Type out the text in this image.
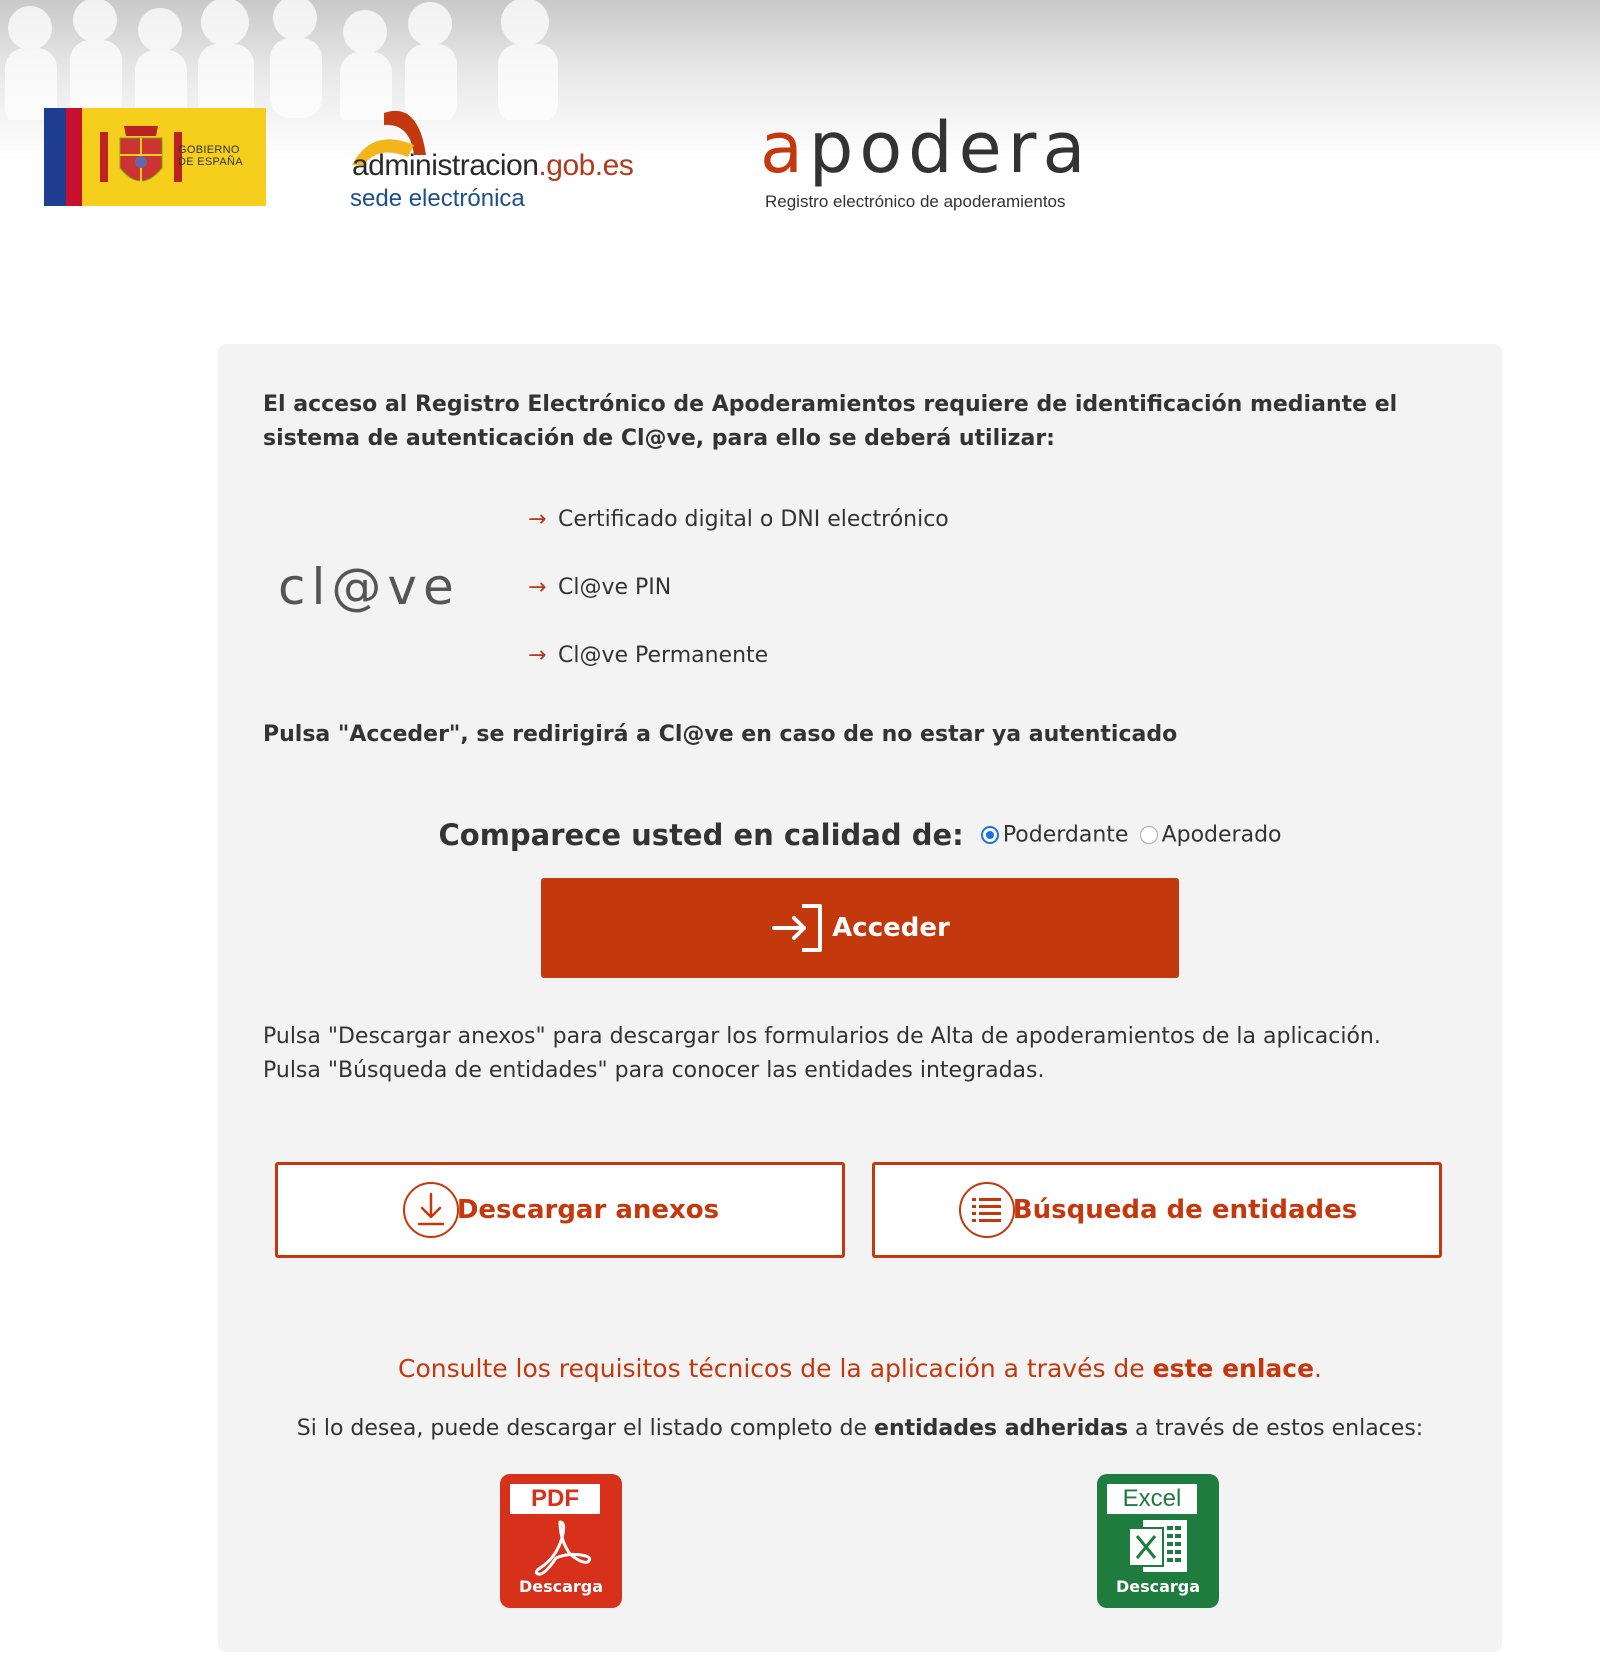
GOBIERNO
DE ESPAÑA	administracion.gob.es
sede electrónica
apodera
Registro electrónico de apoderamientos
El acceso al Registro Electrónico de Apoderamientos requiere de identificación mediante el sistema de autenticación de Cl@ve, para ello se deberá utilizar:
cl@ve
→ Certificado digital o DNI electrónico
→ Cl@ve PIN
→ Cl@ve Permanente
Pulsa "Acceder", se redirigirá a Cl@ve en caso de no estar ya autenticado
Comparece usted en calidad de: Poderdante Apoderado
Acceder
Pulsa "Descargar anexos" para descargar los formularios de Alta de apoderamientos de la aplicación.
Pulsa "Búsqueda de entidades" para conocer las entidades integradas.
Descargar anexos	Búsqueda de entidades
Consulte los requisitos técnicos de la aplicación a través de este enlace.
Si lo desea, puede descargar el listado completo de entidades adheridas a través de estos enlaces:
PDF
Descarga
Excel
Descarga
